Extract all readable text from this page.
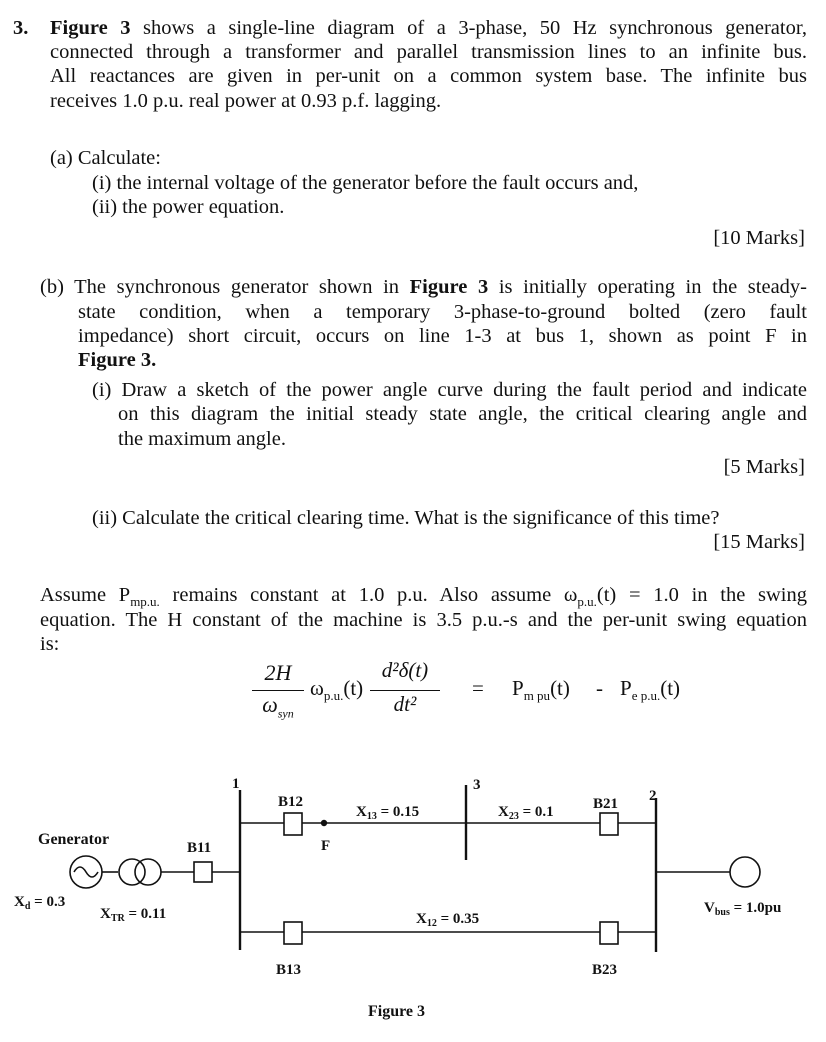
3. Figure 3 shows a single-line diagram of a 3-phase, 50 Hz synchronous generator,
connected through a transformer and parallel transmission lines to an infinite bus.
All reactances are given in per-unit on a common system base. The infinite bus
receives 1.0 p.u. real power at 0.93 p.f. lagging.
(a) Calculate:
(i) the internal voltage of the generator before the fault occurs and,
(ii) the power equation.
[10 Marks]
(b) The synchronous generator shown in Figure 3 is initially operating in the steady-
state condition, when a temporary 3-phase-to-ground bolted (zero fault
impedance) short circuit, occurs on line 1-3 at bus 1, shown as point F in
Figure 3.
(i) Draw a sketch of the power angle curve during the fault period and indicate
on this diagram the initial steady state angle, the critical clearing angle and
the maximum angle.
[5 Marks]
(ii) Calculate the critical clearing time. What is the significance of this time?
[15 Marks]
Assume $P_{mp.u.}$ remains constant at 1.0 p.u. Also assume $\omega_{p.u.}(t) = 1.0$ in the swing
equation. The H constant of the machine is 3.5 p.u.-s and the per-unit swing equation
is:
2H
$\omega_{syn}$
$\omega_{p.u.}(t)$
d²δ(t)
dt²
= $P_{m pu}(t) - P_{e p.u.}(t)$
1	3
2
Generator
$X_d = 0.3$
$X_{TR} = 0.11$
B11
B12
F
$X_{13} = 0.15$	$X_{23} = 0.1$	B21
$X_{12} = 0.35$
B13	B23
$V_{bus} = 1.0pu$
Figure 3
